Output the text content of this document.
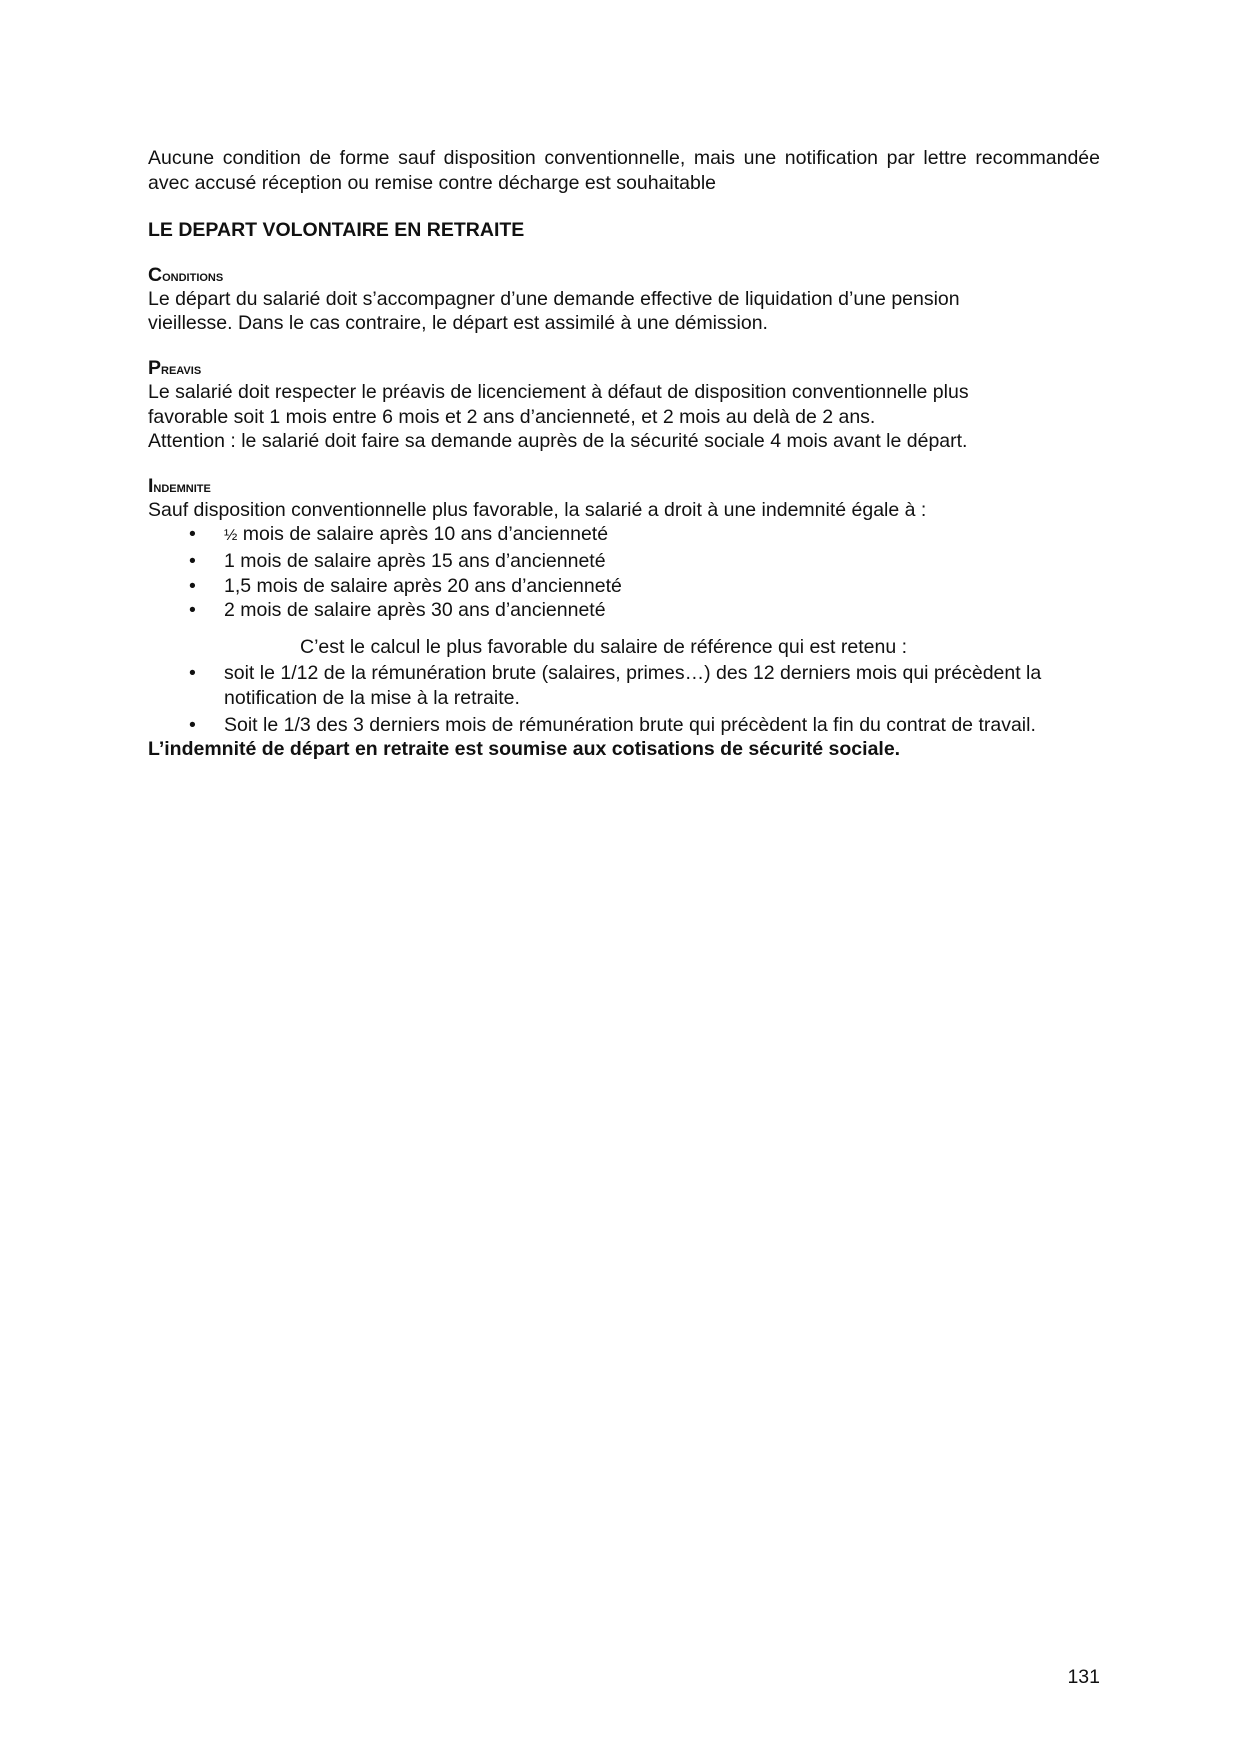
Aucune condition de forme sauf disposition conventionnelle, mais une notification par lettre recommandée avec accusé réception ou remise contre décharge est souhaitable

LE DEPART VOLONTAIRE EN RETRAITE

Conditions

Le départ du salarié doit s’accompagner d’une demande effective de liquidation d’une pension vieillesse. Dans le cas contraire, le départ est assimilé à une démission.

Preavis

Le salarié doit respecter le préavis de licenciement à défaut de disposition conventionnelle plus

favorable soit 1 mois entre 6 mois et 2 ans d’ancienneté, et 2 mois au delà de 2 ans.

Attention : le salarié doit faire sa demande auprès de la sécurité sociale 4 mois avant le départ.

Indemnite

Sauf disposition conventionnelle plus favorable, la salarié a droit à une indemnité égale à :

• ½ mois de salaire après 10 ans d’ancienneté
• 1 mois de salaire après 15 ans d’ancienneté
• 1,5 mois de salaire après 20 ans d’ancienneté
• 2 mois de salaire après 30 ans d’ancienneté

C’est le calcul le plus favorable du salaire de référence qui est retenu :

• soit le 1/12 de la rémunération brute (salaires, primes…) des 12 derniers mois qui précèdent la notification de la mise à la retraite.
• Soit le 1/3 des 3 derniers mois de rémunération brute qui précèdent la fin du contrat de travail.

L’indemnité de départ en retraite est soumise aux cotisations de sécurité sociale.

131
